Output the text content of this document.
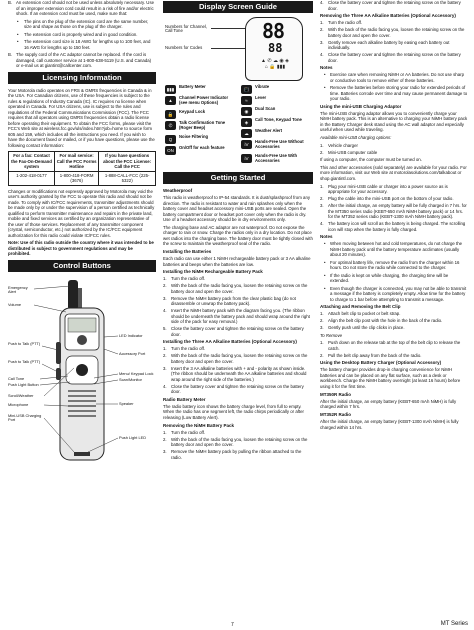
B. An extension cord should not be used unless absolutely necessary. Use of an improper extension cord could result in a risk of fire and/or electric shock. If an extension cord must be used, make sure that:
• The pins on the plug of the extension cord are the same number, size and shape as those on the plug of the charger.
• The extension cord is properly wired and in good condition.
• The extension cord size is 18 AWG for lengths up to 100 feet, and 16 AWG for lengths up to 150 feet.
B. The supply cord of the AC adaptor cannot be replaced. If the cord is damaged, call customer service at 1-800-638-5119 (U.S. and Canada) or e-mail us at giantint@callcenter.com.
Licensing Information

Your Motorola radio operates on FRS & GMRS frequencies in Canada & in the USA. For Canadian citizens, use of these frequencies is subject to the rules & regulations of Industry Canada (IC). IC requires no license when operated in Canada. For USA citizens, use is subject to the rules and regulations of the Federal Communications Commission (FCC). The FCC requires that all operators using GMRS frequencies obtain a radio license before operating their equipment. To obtain the FCC forms, please visit the FCC's Web site at wireless.fcc.gov/uls/index.htm?job=home to source form 605 and 159, which includes all the instructions you need. If you wish to have the document faxed or mailed, or if you have questions, please use the following contact information:

For a fax: Contact the Fax-On-Demand system	For mail service: Call the FCC Forms Hotline	If you have questions about the FCC License: Call the FCC
1-202-418-0177	1-800-418-FORM (3676)	1-888-CALL-FCC (225-5322)

Changes or modifications not expressly approved by Motorola may void the user's authority granted by the FCC to operate this radio and should not be made. To comply with IC/FCC requirements, transmitter adjustments should be made only by or under the supervision of a person certified as technically qualified to perform transmitter maintenance and repairs in the private land, mobile and fixed services as certified by an organization representative of the user of those services. Replacement of any transmitter component (crystal, semiconductor, etc.) not authorized by the IC/FCC equipment authorization for this radio could violate IC/FCC rules.

Note: Use of this radio outside the country where it was intended to be distributed is subject to government regulations and may be prohibited.

Control Buttons
Emergency Alert
Volume
Push to Talk (PTT)
Push to Talk (PTT)
Call Tone
Push Light Button
Scroll/Weather
Microphone
Mini-USB Charging Port
LED Indicator
Accessory Port
Menu/ Keypad Lock
Scan/Monitor
Speaker
Push Light LED
Display Screen Guide
Numbers for Channel, Call Tone
Numbers for Codes
88
88
▲ ✆ ☁ ◉ ◈
⌂ 🔒 ▮▮▮
▮▮▮
Battery Meter
▲
Channel Power Indicator (see menu Options)
🔒
Keypad Lock
✆
Talk Confirmation Tone (Roger Beep)
Q
Noise Filtering
ON
On/Off for each feature
📳
Vibrate
≈
Lever
◉
Dual Scan
◈
Call Tone, Keypad Tone
☁
Weather Alert
iV
Hands-Free Use Without Accessories
iV
Hands-Free Use With Accessories
Getting Started
Weatherproof

This radio is weatherproof to IP-54 standards. It is dust/splashproof from any direction. The radio is resistant to water and rain splashes only when the battery cover and headset accessory mini-USB ports are sealed. Open the battery compartment door or headset port cover only when the radio is dry. Use of a headset accessory should be in dry environments only.

The charging base and AC adaptor are not waterproof. Do not expose the charger to rain or snow. Charge the radios only in a dry location. Do not place wet radios into the charging base. The battery door must be tightly closed with the screw to maintain the weatherproof seal of the radio.

Installing the Batteries

Each radio can use either 1 NiMH rechargeable battery pack or 3 AA alkaline batteries and beeps when the batteries are low.

Installing the NiMH Rechargeable Battery Pack
1. Turn the radio off.
2. With the back of the radio facing you, loosen the retaining screw on the battery door and open the cover.
3. Remove the NiMH battery pack from the clear plastic bag (do not disassemble or unwrap the battery pack).
4. Insert the NiMH battery pack with the diagram facing you. (The ribbon should be underneath the battery pack and should wrap around the right side of the pack for easy removal.)
5. Close the battery cover and tighten the retaining screw on the battery door.
Installing the Three AA Alkaline Batteries (Optional Accessory)
1. Turn the radio off.
2. With the back of the radio facing you, loosen the retaining screw on the battery door and open the cover.
3. Insert the 3 AA alkaline batteries with + and - polarity as shown inside. (The ribbon should be underneath the AA alkaline batteries and should wrap around the right side of the batteries.)
4. Close the battery cover and tighten the retaining screw on the battery door.
Radio Battery Meter

The radio battery icon shows the battery charge level, from full to empty. When the radio has one segment left, the radio chirps periodically or after releasing (Low Battery Alert).

Removing the NiMH Battery Pack
1. Turn the radio off.
2. With the back of the radio facing you, loosen the retaining screw on the battery door and open the cover.
3. Remove the NiMH battery pack by pulling the ribbon attached to the radio.
4. Close the battery cover and tighten the retaining screw on the battery door.
Removing the Three AA Alkaline Batteries (Optional Accessory)
1. Turn the radio off.
2. With the back of the radio facing you, loosen the retaining screw on the battery door and open the cover.
3. Gently remove each alkaline battery by easing each battery out individually.
4. Close the battery cover and tighten the retaining screw on the battery door.
Notes
• Exercise care when removing NiMH or AA batteries. Do not use sharp or conductive tools to remove either of these batteries.
• Remove the batteries before storing your radio for extended periods of time. Batteries corrode over time and may cause permanent damage to your radio.
Using the mini-USB Charging Adaptor

The mini-USB charging adaptor allows you to conveniently charge your NiMH battery pack. This is an alternative to charging your NiMH battery pack in the Battery Charger desk stand using the AC wall adaptor and especially useful when used while traveling.

Available mini-USB charging options:

1. Vehicle charger
2. Mini-USB computer cable

If using a computer, the computer must be turned on.

This and other accessories (sold separately) are available for your radio. For more information, visit our Web site at motorolasolutions.com/talkabout or shop.giantintl.com.

1. Plug your mini-USB cable or charger into a power source as is appropriate for your accessory.
2. Plug the cable into the mini-USB port on the bottom of your radio.
3. After the initial charge, an empty battery will be fully charged in 7 hrs. for the MT350 series radio (KEBT-650 mAh NiMH battery pack) or 14 hrs. for the MT352 series radio (KEBT-1300 mAh NiMH battery pack).
4. The battery icon will scroll as the battery is being charged. The scrolling icon will stop when the battery is fully charged.
Notes
• When moving between hot and cold temperatures, do not charge the NiMH battery pack until the battery temperature acclimates (usually about 20 minutes).
• For optimal battery life, remove the radio from the charger within 16 hours. Do not store the radio while connected to the charger.
• If the radio is kept on while charging, the charging time will be extended.
• Even though the charger is connected, you may not be able to transmit a message if the battery is completely empty. Allow time for the battery to charge to 1 bar before attempting to transmit a message.
Attaching and Removing the Belt Clip
1. Attach belt clip to pocket or belt strap.
2. Align the belt clip post with the hole in the back of the radio.
3. Gently push until the clip clicks in place.

To Remove

1. Push down on the release tab at the top of the belt clip to release the catch.
2. Pull the belt clip away from the back of the radio.
Using the Desktop Battery Charger (Optional Accessory)

The battery charger provides drop-in charging convenience for NiMH batteries and can be placed on any flat surface, such as a desk or workbench. Charge the NiMH battery overnight (at least 16 hours) before using it for the first time.

MT350R Radio

After the initial charge, an empty battery (KEBT-650 mAh NiMH) is fully charged within 7 hrs.

MT352R Radio

After the initial charge, an empty battery (KEBT-1300 mAh NiMH) is fully charged within 14 hrs.

7	MT Series
